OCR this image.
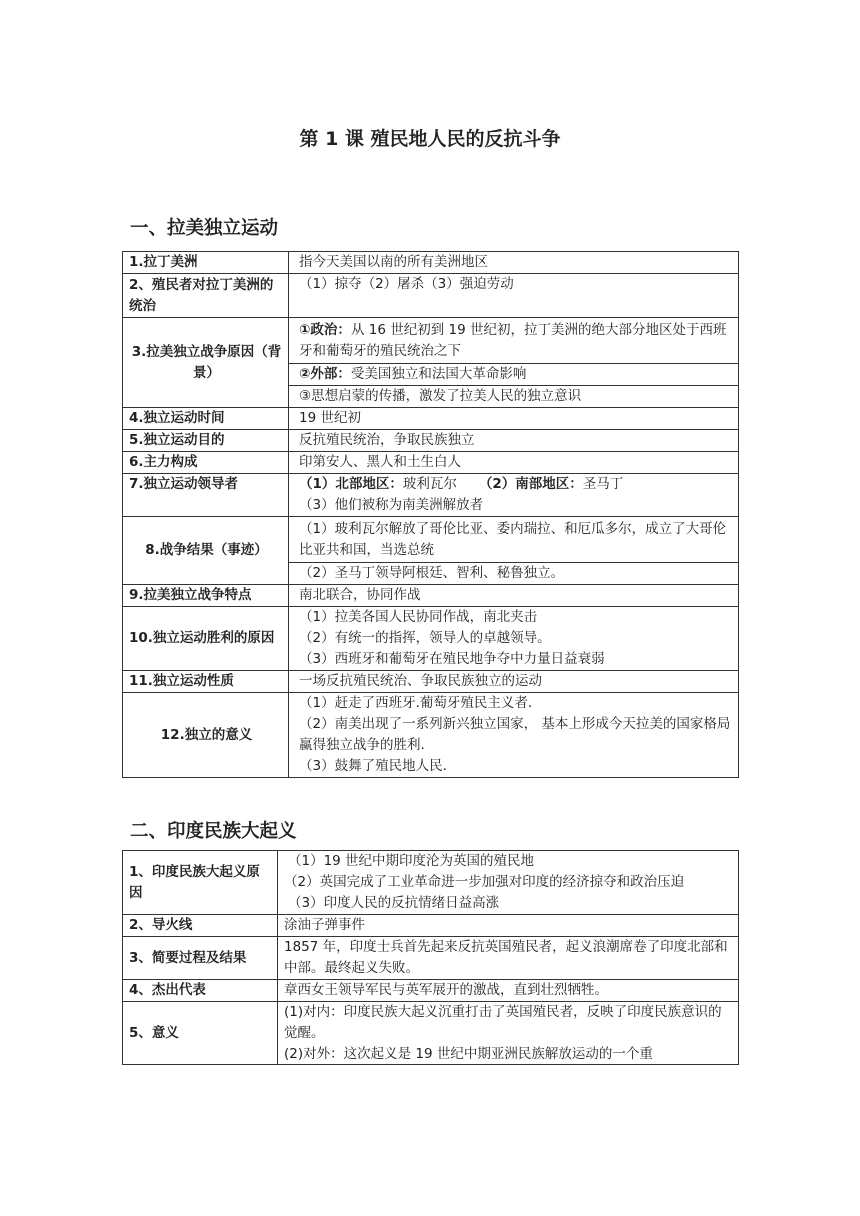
第 1 课 殖民地人民的反抗斗争
一、拉美独立运动
1.拉丁美洲	指今天美国以南的所有美洲地区
2、殖民者对拉丁美洲的统治	（1）掠夺（2）屠杀（3）强迫劳动
3.拉美独立战争原因（背景）	①政治：从 16 世纪初到 19 世纪初，拉丁美洲的绝大部分地区处于西班牙和葡萄牙的殖民统治之下
②外部：受美国独立和法国大革命影响
③思想启蒙的传播，激发了拉美人民的独立意识

4.独立运动时间	19 世纪初
5.独立运动目的	反抗殖民统治，争取民族独立
6.主力构成	印第安人、黑人和土生白人
7.独立运动领导者	（1）北部地区：玻利瓦尔 （2）南部地区：圣马丁
（3）他们被称为南美洲解放者

8.战争结果（事迹）	（1）玻利瓦尔解放了哥伦比亚、委内瑞拉、和厄瓜多尔，成立了大哥伦比亚共和国，当选总统
（2）圣马丁领导阿根廷、智利、秘鲁独立。

9.拉美独立战争特点	南北联合，协同作战
10.独立运动胜利的原因	（1）拉美各国人民协同作战，南北夹击
（2）有统一的指挥，领导人的卓越领导。
（3）西班牙和葡萄牙在殖民地争夺中力量日益衰弱

11.独立运动性质	一场反抗殖民统治、争取民族独立的运动
12.独立的意义	（1）赶走了西班牙.葡萄牙殖民主义者.
（2）南美出现了一系列新兴独立国家， 基本上形成今天拉美的国家格局赢得独立战争的胜利.
（3）鼓舞了殖民地人民.
二、印度民族大起义
1、印度民族大起义原因	（1）19 世纪中期印度沦为英国的殖民地
（2）英国完成了工业革命进一步加强对印度的经济掠夺和政治压迫
（3）印度人民的反抗情绪日益高涨

2、导火线	涂油子弹事件
3、简要过程及结果	1857 年，印度士兵首先起来反抗英国殖民者，起义浪潮席卷了印度北部和中部。最终起义失败。
4、杰出代表	章西女王领导军民与英军展开的激战，直到壮烈牺牲。
5、意义	(1)对内：印度民族大起义沉重打击了英国殖民者，反映了印度民族意识的觉醒。
(2)对外：这次起义是 19 世纪中期亚洲民族解放运动的一个重
